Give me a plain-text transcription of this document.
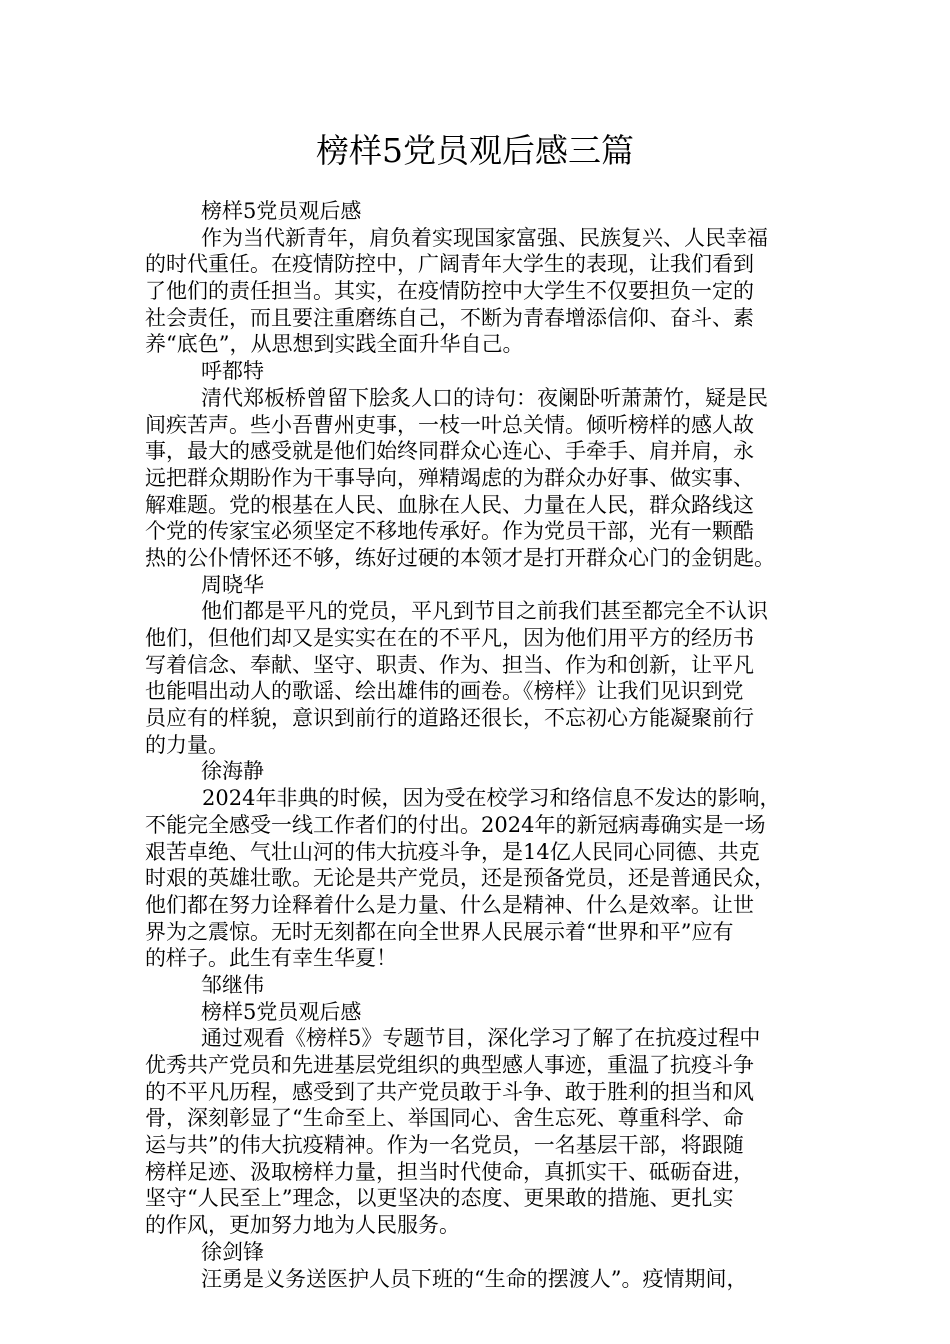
榜样5党员观后感三篇
榜样5党员观后感
作为当代新青年，肩负着实现国家富强、民族复兴、人民幸福
的时代重任。在疫情防控中，广阔青年大学生的表现，让我们看到
了他们的责任担当。其实，在疫情防控中大学生不仅要担负一定的
社会责任，而且要注重磨练自己，不断为青春增添信仰、奋斗、素
养“底色”，从思想到实践全面升华自己。
呼都特
清代郑板桥曾留下脍炙人口的诗句：夜阑卧听萧萧竹，疑是民
间疾苦声。些小吾曹州吏事，一枝一叶总关情。倾听榜样的感人故
事，最大的感受就是他们始终同群众心连心、手牵手、肩并肩，永
远把群众期盼作为干事导向，殚精竭虑的为群众办好事、做实事、
解难题。党的根基在人民、血脉在人民、力量在人民，群众路线这
个党的传家宝必须坚定不移地传承好。作为党员干部，光有一颗酷
热的公仆情怀还不够，练好过硬的本领才是打开群众心门的金钥匙。
周晓华
他们都是平凡的党员，平凡到节目之前我们甚至都完全不认识
他们，但他们却又是实实在在的不平凡，因为他们用平方的经历书
写着信念、奉献、坚守、职责、作为、担当、作为和创新，让平凡
也能唱出动人的歌谣、绘出雄伟的画卷。《榜样》让我们见识到党
员应有的样貌，意识到前行的道路还很长，不忘初心方能凝聚前行
的力量。
徐海静
2024年非典的时候，因为受在校学习和络信息不发达的影响，
不能完全感受一线工作者们的付出。2024年的新冠病毒确实是一场
艰苦卓绝、气壮山河的伟大抗疫斗争，是14亿人民同心同德、共克
时艰的英雄壮歌。无论是共产党员，还是预备党员，还是普通民众，
他们都在努力诠释着什么是力量、什么是精神、什么是效率。让世
界为之震惊。无时无刻都在向全世界人民展示着“世界和平”应有
的样子。此生有幸生华夏！
邹继伟
榜样5党员观后感
通过观看《榜样5》专题节目，深化学习了解了在抗疫过程中
优秀共产党员和先进基层党组织的典型感人事迹，重温了抗疫斗争
的不平凡历程，感受到了共产党员敢于斗争、敢于胜利的担当和风
骨，深刻彰显了“生命至上、举国同心、舍生忘死、尊重科学、命
运与共”的伟大抗疫精神。作为一名党员，一名基层干部，将跟随
榜样足迹、汲取榜样力量，担当时代使命，真抓实干、砥砺奋进，
坚守“人民至上”理念，以更坚决的态度、更果敢的措施、更扎实
的作风，更加努力地为人民服务。
徐剑锋
汪勇是义务送医护人员下班的“生命的摆渡人”。疫情期间，
